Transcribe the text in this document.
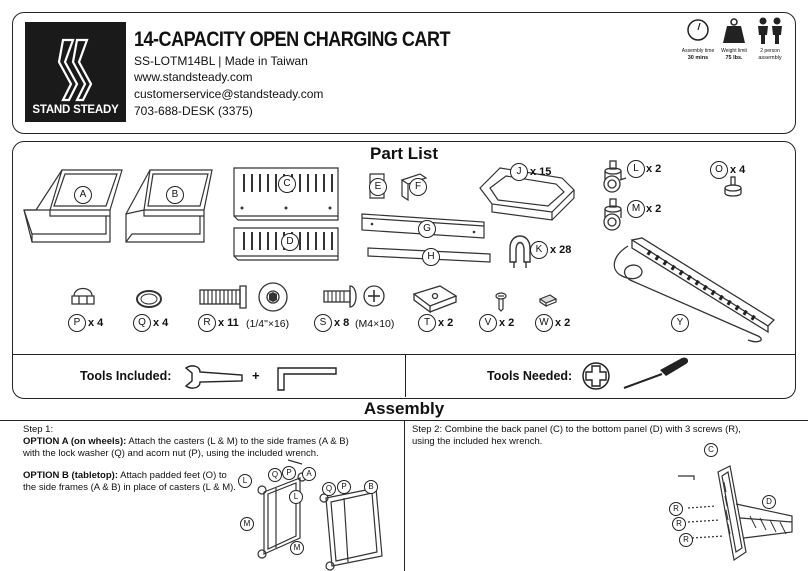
STAND STEADY
14-CAPACITY OPEN CHARGING CART
SS-LOTM14BL | Made in Taiwan
www.standsteady.com
customerservice@standsteady.com
703-688-DESK (3375)
Assembly time
30 mins
Weight limit
75 lbs.
2 person
assembly
Part List
A	B
C
D
E	F
G
H
J x 15
K x 28
L x 2
M x 2
O x 4
Y
P x 4	Q x 4	R x 11 (1/4"×16)	S x 8 (M4×10)	T x 2	V x 2	W x 2
Tools Included:	+	Tools Needed:
Assembly
Step 1:
OPTION A (on wheels): Attach the casters (L & M) to the side frames (A & B)
with the lock washer (Q) and acorn nut (P), using the included wrench.
OPTION B (tabletop): Attach padded feet (O) to
the side frames (A & B) in place of casters (L & M).
L
Q	P	A
L
Q	P	B
M
M
Step 2: Combine the back panel (C) to the bottom panel (D) with 3 screws (R),
using the included hex wrench.
C
D
R
R
R
